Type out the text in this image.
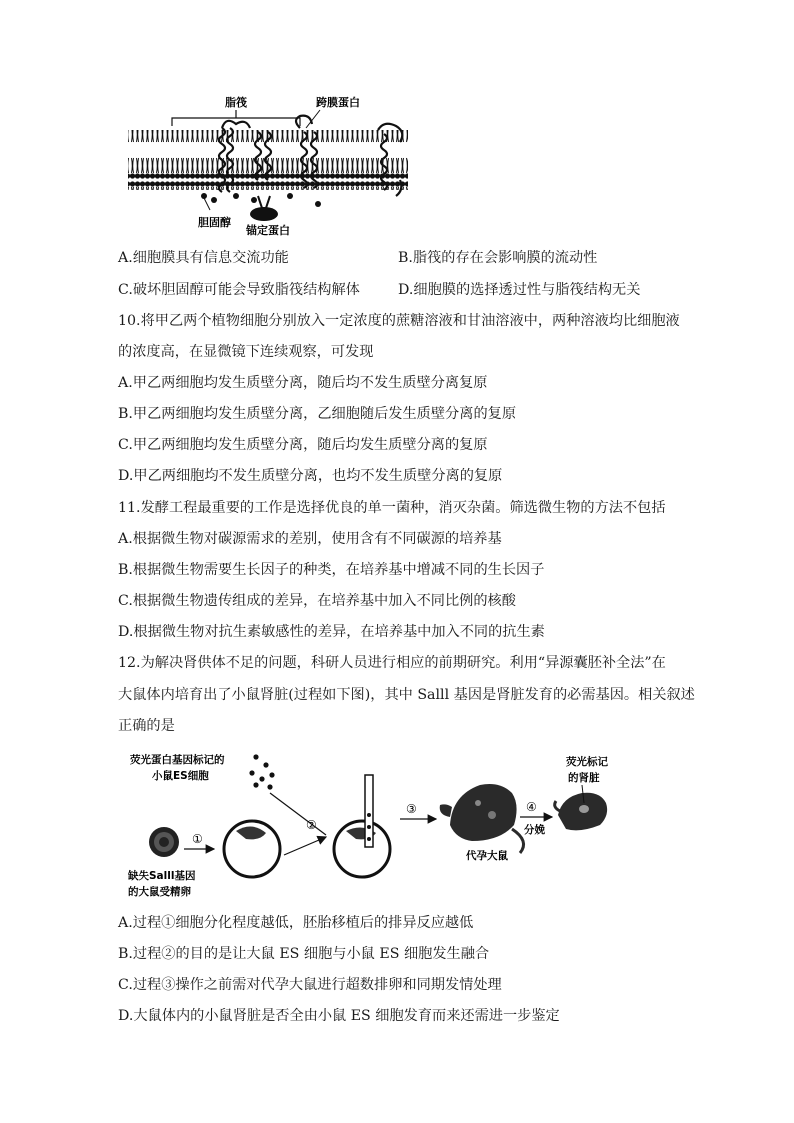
脂筏	跨膜蛋白
胆固醇
锚定蛋白
A.细胞膜具有信息交流功能	B.脂筏的存在会影响膜的流动性
C.破坏胆固醇可能会导致脂筏结构解体	D.细胞膜的选择透过性与脂筏结构无关
10.将甲乙两个植物细胞分别放入一定浓度的蔗糖溶液和甘油溶液中，两种溶液均比细胞液
的浓度高，在显微镜下连续观察，可发现
A.甲乙两细胞均发生质壁分离，随后均不发生质壁分离复原
B.甲乙两细胞均发生质壁分离，乙细胞随后发生质壁分离的复原
C.甲乙两细胞均发生质壁分离，随后均发生质壁分离的复原
D.甲乙两细胞均不发生质壁分离，也均不发生质壁分离的复原
11.发酵工程最重要的工作是选择优良的单一菌种，消灭杂菌。筛选微生物的方法不包括
A.根据微生物对碳源需求的差别，使用含有不同碳源的培养基
B.根据微生物需要生长因子的种类，在培养基中增减不同的生长因子
C.根据微生物遗传组成的差异，在培养基中加入不同比例的核酸
D.根据微生物对抗生素敏感性的差异，在培养基中加入不同的抗生素
12.为解决肾供体不足的问题，科研人员进行相应的前期研究。利用“异源囊胚补全法”在
大鼠体内培育出了小鼠肾脏(过程如下图)，其中 Salll 基因是肾脏发育的必需基因。相关叙述
正确的是
荧光蛋白基因标记的
小鼠ES细胞
缺失Salll基因
的大鼠受精卵
①
②
③
代孕大鼠
④
分娩
荧光标记
的肾脏
A.过程①细胞分化程度越低，胚胎移植后的排异反应越低
B.过程②的目的是让大鼠 ES 细胞与小鼠 ES 细胞发生融合
C.过程③操作之前需对代孕大鼠进行超数排卵和同期发情处理
D.大鼠体内的小鼠肾脏是否全由小鼠 ES 细胞发育而来还需进一步鉴定
